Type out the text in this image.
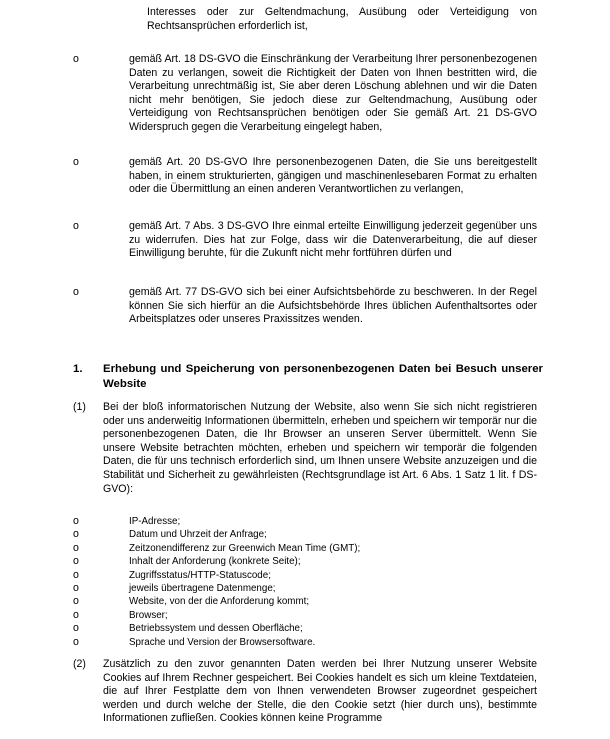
Interesses oder zur Geltendmachung, Ausübung oder Verteidigung von Rechtsansprüchen erforderlich ist,
o	gemäß Art. 18 DS-GVO die Einschränkung der Verarbeitung Ihrer personenbezogenen Daten zu verlangen, soweit die Richtigkeit der Daten von Ihnen bestritten wird, die Verarbeitung unrechtmäßig ist, Sie aber deren Löschung ablehnen und wir die Daten nicht mehr benötigen, Sie jedoch diese zur Geltendmachung, Ausübung oder Verteidigung von Rechtsansprüchen benötigen oder Sie gemäß Art. 21 DS-GVO Widerspruch gegen die Verarbeitung eingelegt haben,
o	gemäß Art. 20 DS-GVO Ihre personenbezogenen Daten, die Sie uns bereitgestellt haben, in einem strukturierten, gängigen und maschinenlesebaren Format zu erhalten oder die Übermittlung an einen anderen Verantwortlichen zu verlangen,
o	gemäß Art. 7 Abs. 3 DS-GVO Ihre einmal erteilte Einwilligung jederzeit gegenüber uns zu widerrufen. Dies hat zur Folge, dass wir die Datenverarbeitung, die auf dieser Einwilligung beruhte, für die Zukunft nicht mehr fortführen dürfen und
o	gemäß Art. 77 DS-GVO sich bei einer Aufsichtsbehörde zu beschweren. In der Regel können Sie sich hierfür an die Aufsichtsbehörde Ihres üblichen Aufenthaltsortes oder Arbeitsplatzes oder unseres Praxissitzes wenden.
1. Erhebung und Speicherung von personenbezogenen Daten bei Besuch unserer Website
(1) Bei der bloß informatorischen Nutzung der Website, also wenn Sie sich nicht registrieren oder uns anderweitig Informationen übermitteln, erheben und speichern wir temporär nur die personenbezogenen Daten, die Ihr Browser an unseren Server übermittelt. Wenn Sie unsere Website betrachten möchten, erheben und speichern wir temporär die folgenden Daten, die für uns technisch erforderlich sind, um Ihnen unsere Website anzuzeigen und die Stabilität und Sicherheit zu gewährleisten (Rechtsgrundlage ist Art. 6 Abs. 1 Satz 1 lit. f DS-GVO):
o	IP-Adresse;
o	Datum und Uhrzeit der Anfrage;
o	Zeitzonendifferenz zur Greenwich Mean Time (GMT);
o	Inhalt der Anforderung (konkrete Seite);
o	Zugriffsstatus/HTTP-Statuscode;
o	jeweils übertragene Datenmenge;
o	Website, von der die Anforderung kommt;
o	Browser;
o	Betriebssystem und dessen Oberfläche;
o	Sprache und Version der Browsersoftware.
(2) Zusätzlich zu den zuvor genannten Daten werden bei Ihrer Nutzung unserer Website Cookies auf Ihrem Rechner gespeichert. Bei Cookies handelt es sich um kleine Textdateien, die auf Ihrer Festplatte dem von Ihnen verwendeten Browser zugeordnet gespeichert werden und durch welche der Stelle, die den Cookie setzt (hier durch uns), bestimmte Informationen zufließen. Cookies können keine Programme
